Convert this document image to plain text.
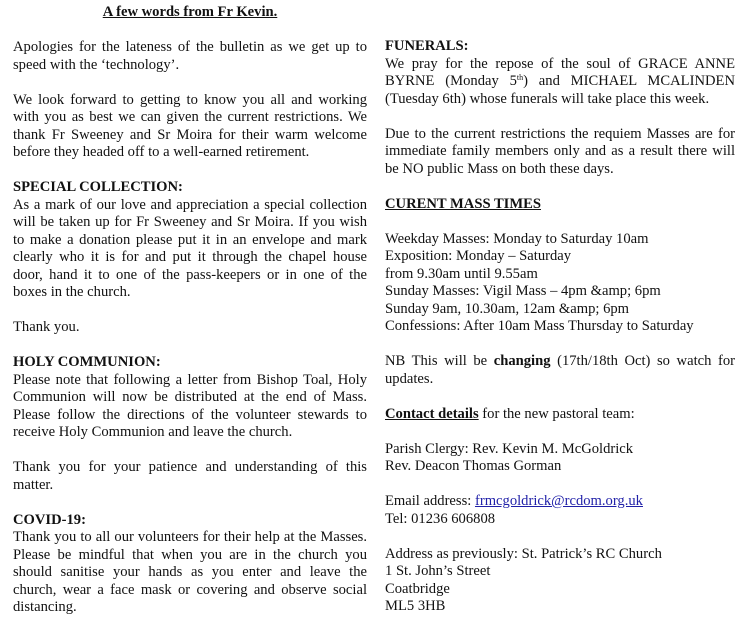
A few words from Fr Kevin.

Apologies for the lateness of the bulletin as we get up to speed with the ‘technology’.

We look forward to getting to know you all and working with you as best we can given the current restrictions. We thank Fr Sweeney and Sr Moira for their warm welcome before they headed off to a well-earned retirement.

SPECIAL COLLECTION:

As a mark of our love and appreciation a special collection will be taken up for Fr Sweeney and Sr Moira. If you wish to make a donation please put it in an envelope and mark clearly who it is for and put it through the chapel house door, hand it to one of the pass-keepers or in one of the boxes in the church.

Thank you.

HOLY COMMUNION:

Please note that following a letter from Bishop Toal, Holy Communion will now be distributed at the end of Mass. Please follow the directions of the volunteer stewards to receive Holy Communion and leave the church.

Thank you for your patience and understanding of this matter.

COVID-19:

Thank you to all our volunteers for their help at the Masses. Please be mindful that when you are in the church you should sanitise your hands as you enter and leave the church, wear a face mask or covering and observe social distancing.

FUNERALS:

We pray for the repose of the soul of GRACE ANNE BYRNE (Monday 5th) and MICHAEL MCALINDEN (Tuesday 6th) whose funerals will take place this week.

Due to the current restrictions the requiem Masses are for immediate family members only and as a result there will be NO public Mass on both these days.

CURENT MASS TIMES

Weekday Masses: Monday to Saturday 10am

Exposition: Monday – Saturday

from 9.30am until 9.55am

Sunday Masses: Vigil Mass – 4pm &amp; 6pm

Sunday 9am, 10.30am, 12am &amp; 6pm

Confessions: After 10am Mass Thursday to Saturday

NB This will be changing (17th/18th Oct) so watch for updates.

Contact details for the new pastoral team:

Parish Clergy: Rev. Kevin M. McGoldrick

Rev. Deacon Thomas Gorman

Email address: frmcgoldrick@rcdom.org.uk

Tel: 01236 606808

Address as previously: St. Patrick’s RC Church

1 St. John’s Street

Coatbridge

ML5 3HB
